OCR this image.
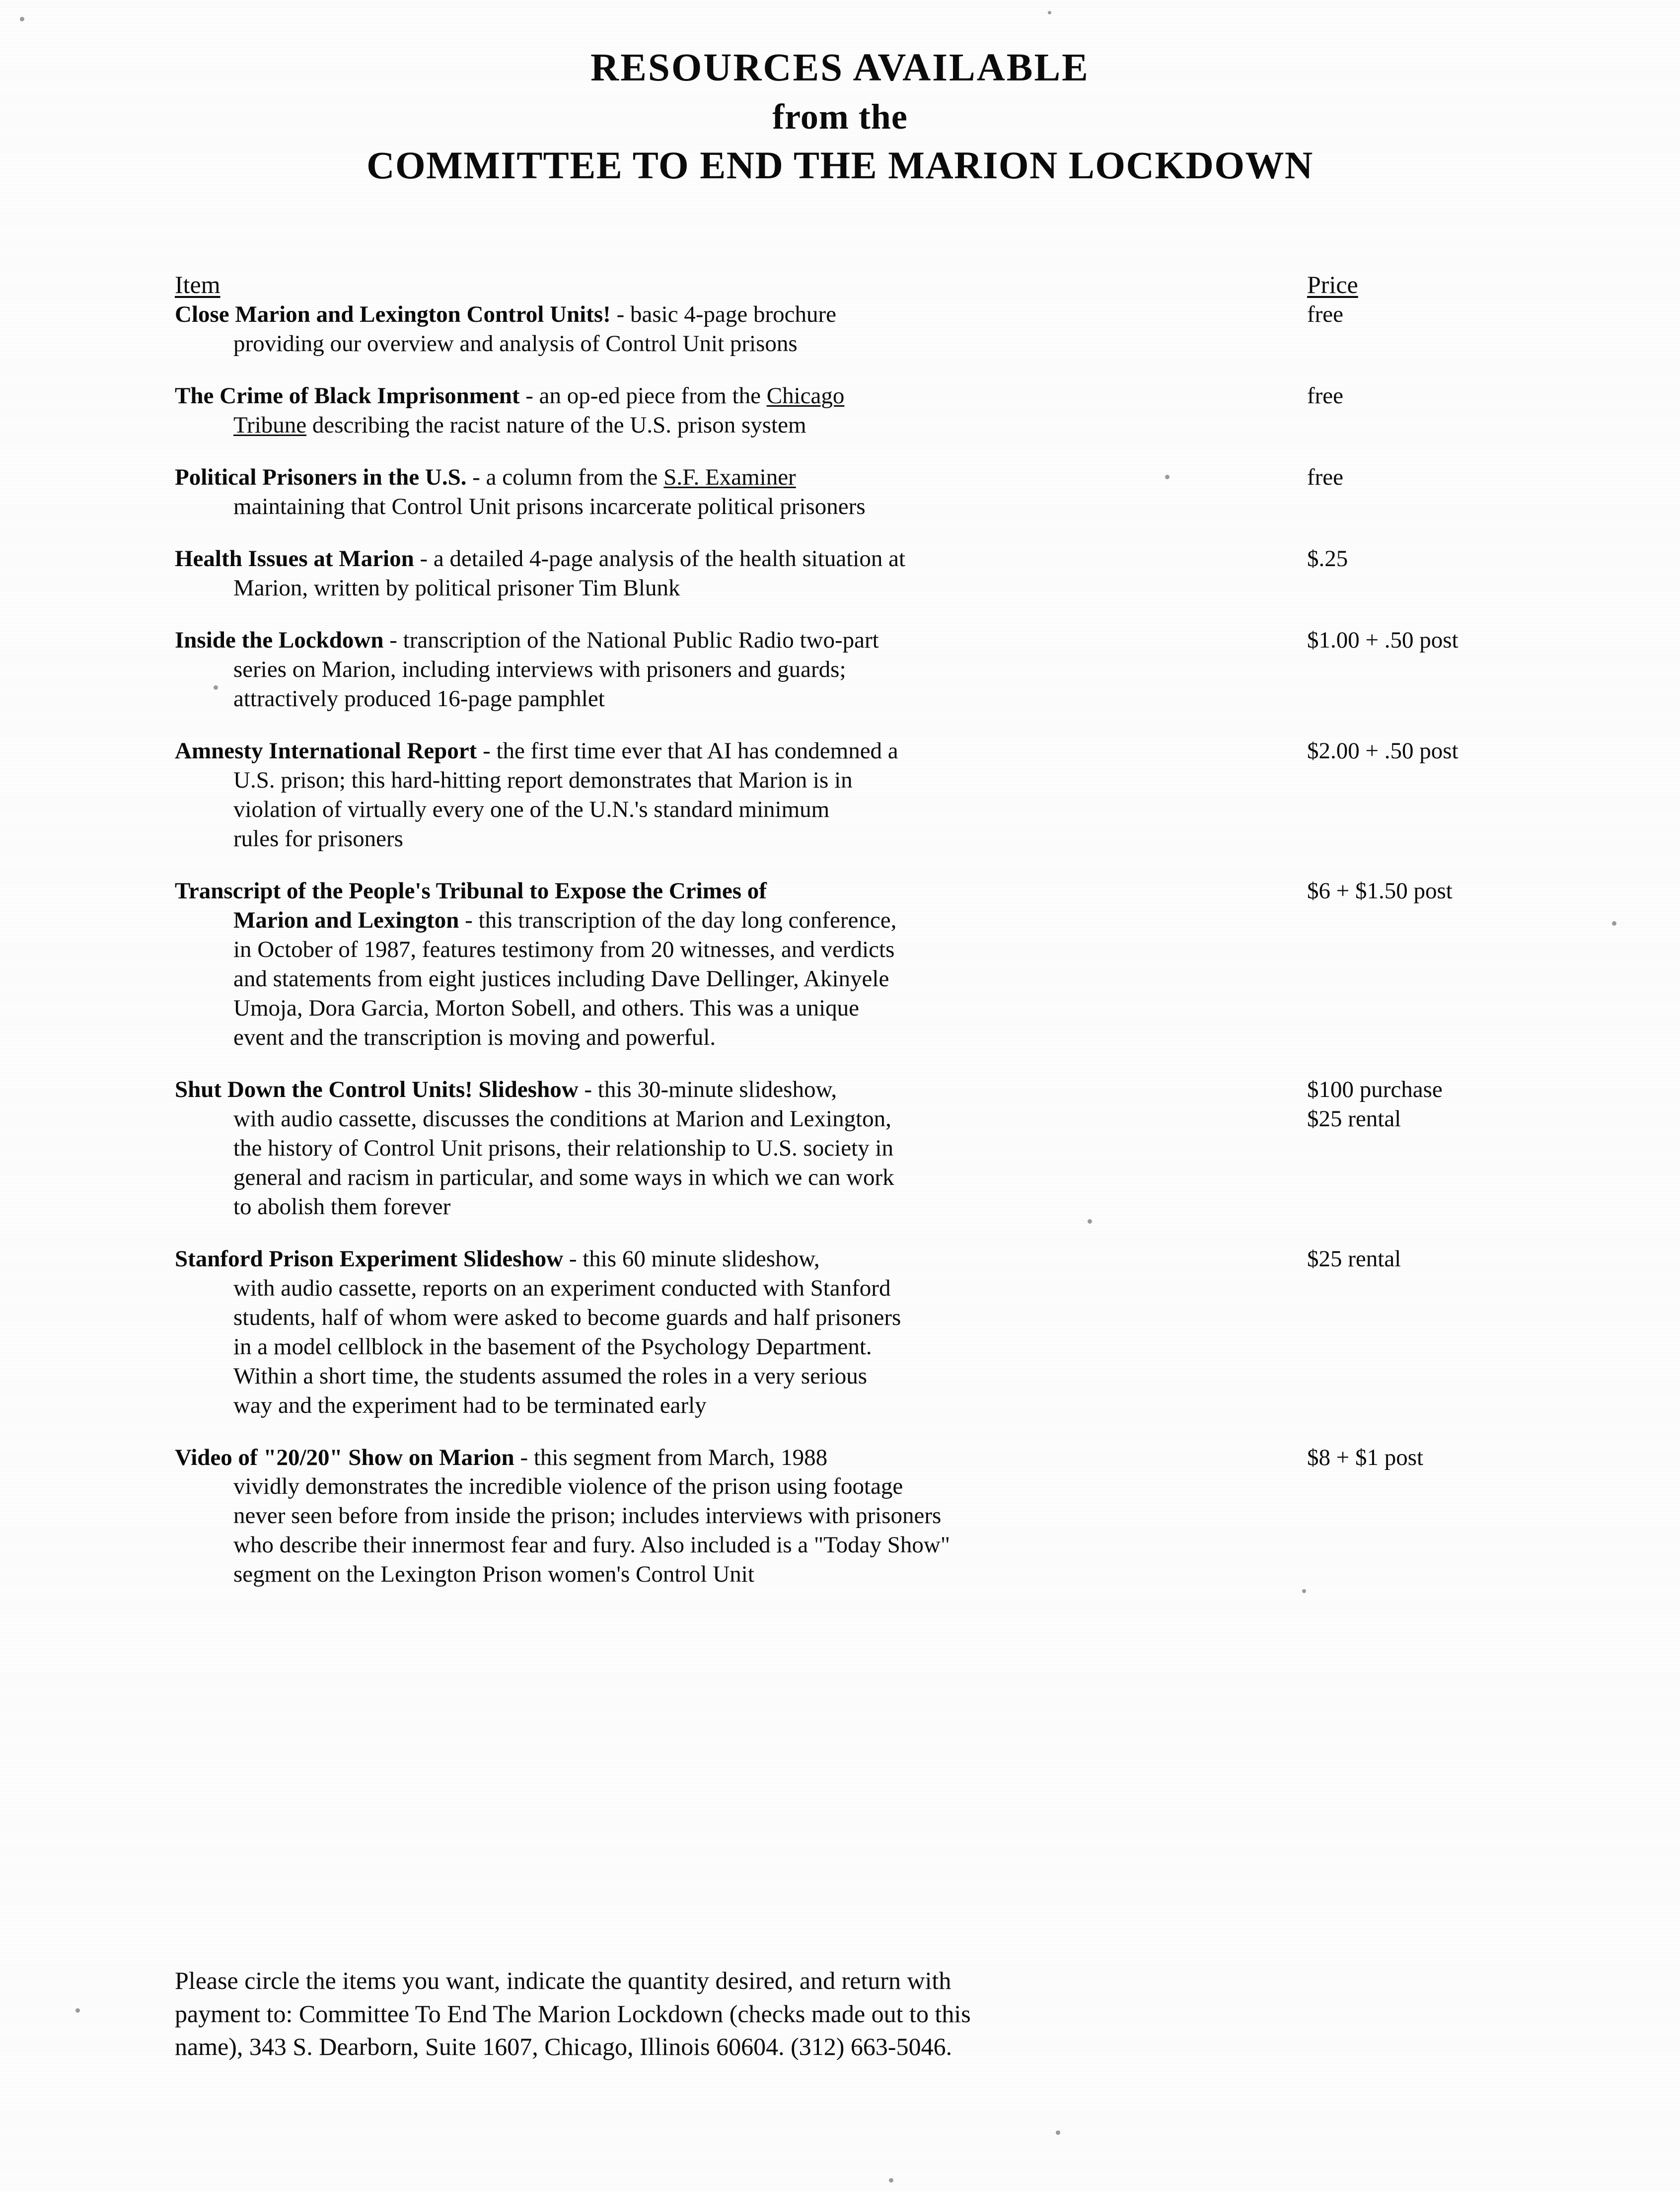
RESOURCES AVAILABLE
from the
COMMITTEE TO END THE MARION LOCKDOWN
Item	Price
Close Marion and Lexington Control Units! - basic 4-page brochure
providing our overview and analysis of Control Unit prisons
free
The Crime of Black Imprisonment - an op-ed piece from the Chicago
Tribune describing the racist nature of the U.S. prison system
free
Political Prisoners in the U.S. - a column from the S.F. Examiner
maintaining that Control Unit prisons incarcerate political prisoners
free
Health Issues at Marion - a detailed 4-page analysis of the health situation at
Marion, written by political prisoner Tim Blunk
$.25
Inside the Lockdown - transcription of the National Public Radio two-part
series on Marion, including interviews with prisoners and guards;
attractively produced 16-page pamphlet
$1.00 + .50 post
Amnesty International Report - the first time ever that AI has condemned a
U.S. prison; this hard-hitting report demonstrates that Marion is in
violation of virtually every one of the U.N.'s standard minimum
rules for prisoners
$2.00 + .50 post
Transcript of the People's Tribunal to Expose the Crimes of
Marion and Lexington - this transcription of the day long conference,
in October of 1987, features testimony from 20 witnesses, and verdicts
and statements from eight justices including Dave Dellinger, Akinyele
Umoja, Dora Garcia, Morton Sobell, and others. This was a unique
event and the transcription is moving and powerful.
$6 + $1.50 post
Shut Down the Control Units! Slideshow - this 30-minute slideshow,
with audio cassette, discusses the conditions at Marion and Lexington,
the history of Control Unit prisons, their relationship to U.S. society in
general and racism in particular, and some ways in which we can work
to abolish them forever
$100 purchase
$25 rental
Stanford Prison Experiment Slideshow - this 60 minute slideshow,
with audio cassette, reports on an experiment conducted with Stanford
students, half of whom were asked to become guards and half prisoners
in a model cellblock in the basement of the Psychology Department.
Within a short time, the students assumed the roles in a very serious
way and the experiment had to be terminated early
$25 rental
Video of "20/20" Show on Marion - this segment from March, 1988
vividly demonstrates the incredible violence of the prison using footage
never seen before from inside the prison; includes interviews with prisoners
who describe their innermost fear and fury. Also included is a "Today Show"
segment on the Lexington Prison women's Control Unit
$8 + $1 post
Please circle the items you want, indicate the quantity desired, and return with
payment to: Committee To End The Marion Lockdown (checks made out to this
name), 343 S. Dearborn, Suite 1607, Chicago, Illinois 60604. (312) 663-5046.
